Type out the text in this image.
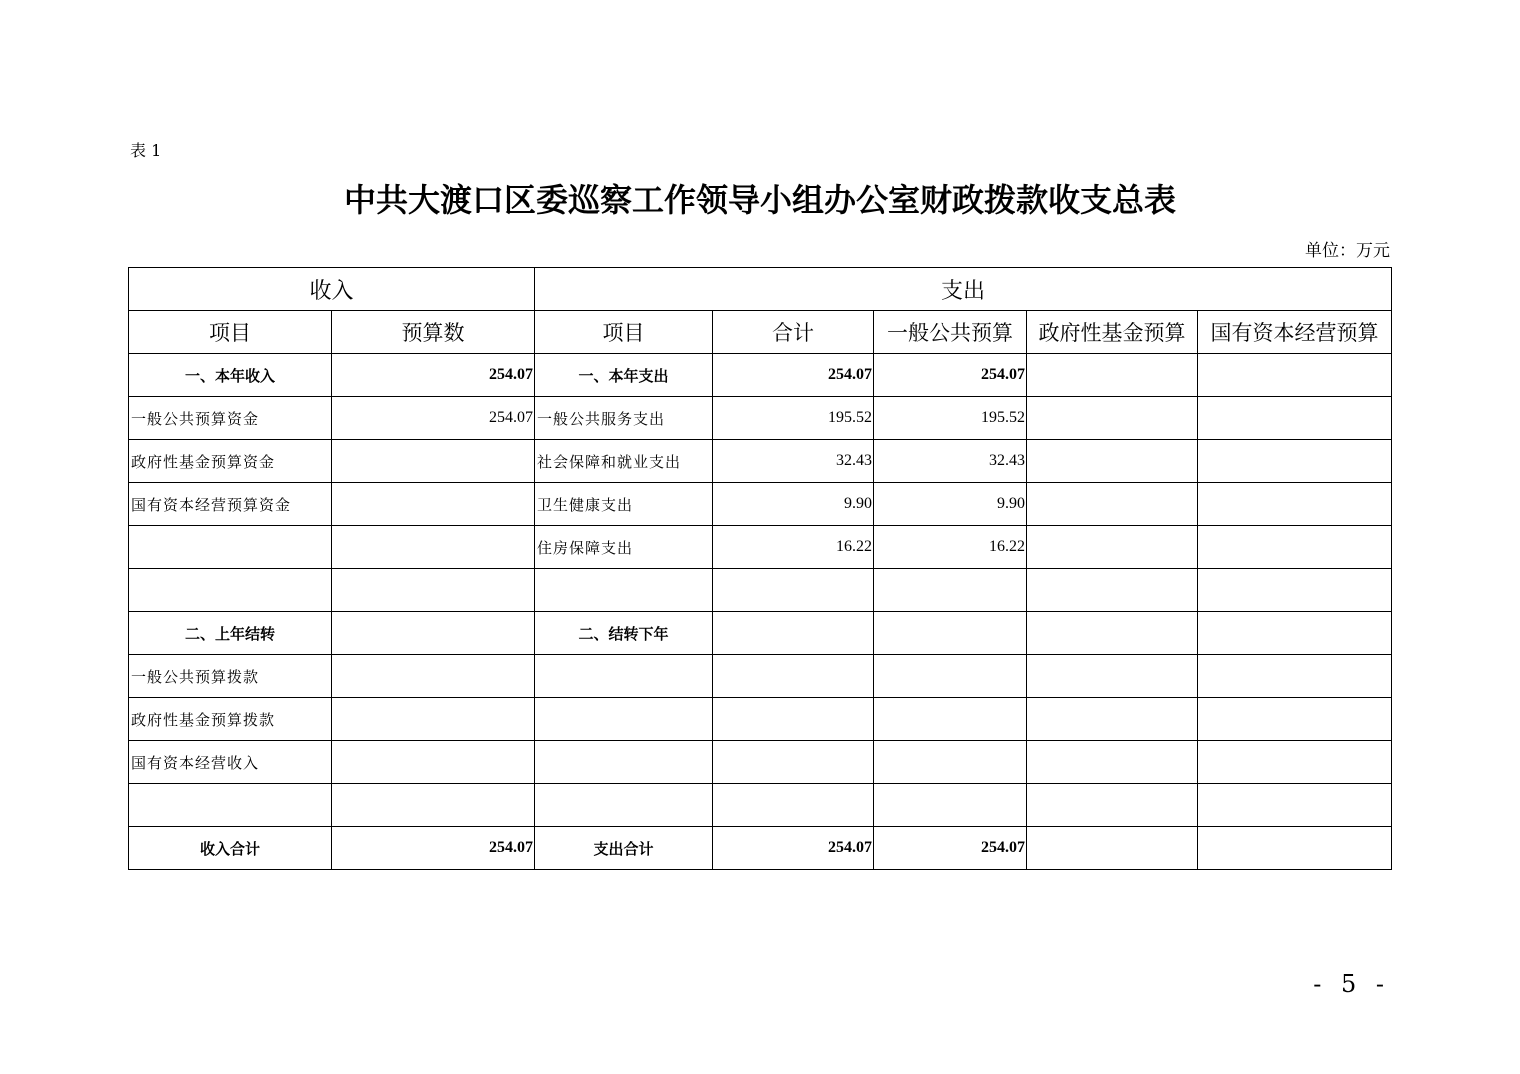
表 1
中共大渡口区委巡察工作领导小组办公室财政拨款收支总表
单位：万元
收入		支出				
项目	预算数	项目	合计	一般公共预算	政府性基金预算	国有资本经营预算
一、本年收入	254.07	一、本年支出	254.07	254.07		
一般公共预算资金	254.07	一般公共服务支出	195.52	195.52		
政府性基金预算资金		社会保障和就业支出	32.43	32.43		
国有资本经营预算资金		卫生健康支出	9.90	9.90		
		住房保障支出	16.22	16.22		

二、上年结转		二、结转下年				
一般公共预算拨款						
政府性基金预算拨款						
国有资本经营收入						

收入合计	254.07	支出合计	254.07	254.07		
- 5 -
